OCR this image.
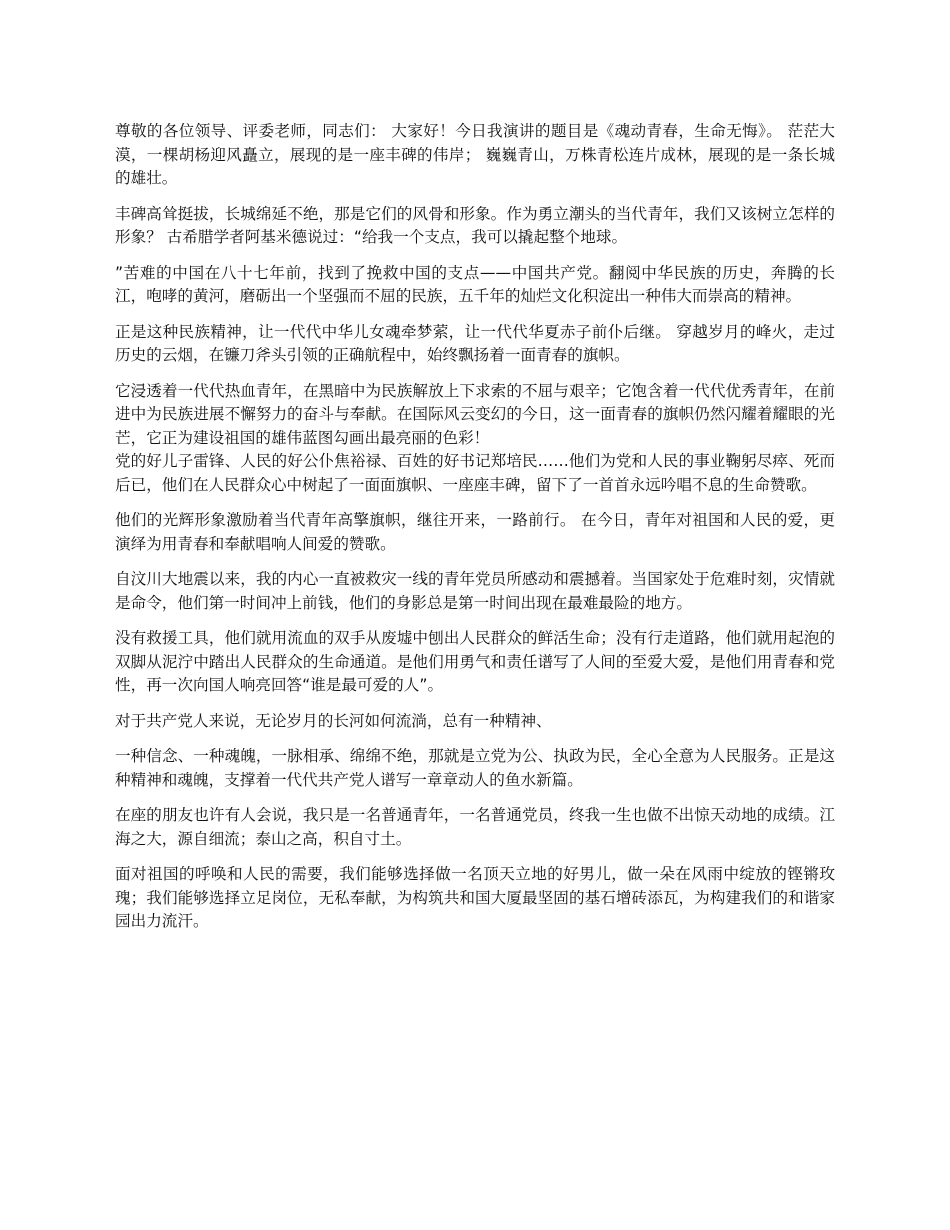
尊敬的各位领导、评委老师，同志们： 大家好！今日我演讲的题目是《魂动青春，生命无悔》。 茫茫大漠，一棵胡杨迎风矗立，展现的是一座丰碑的伟岸； 巍巍青山，万株青松连片成林，展现的是一条长城的雄壮。

丰碑高耸挺拔，长城绵延不绝，那是它们的风骨和形象。作为勇立潮头的当代青年，我们又该树立怎样的形象？ 古希腊学者阿基米德说过：“给我一个支点，我可以撬起整个地球。

”苦难的中国在八十七年前，找到了挽救中国的支点——中国共产党。翻阅中华民族的历史，奔腾的长江，咆哮的黄河，磨砺出一个坚强而不屈的民族，五千年的灿烂文化积淀出一种伟大而崇高的精神。

正是这种民族精神，让一代代中华儿女魂牵梦萦，让一代代华夏赤子前仆后继。 穿越岁月的峰火，走过历史的云烟，在镰刀斧头引领的正确航程中，始终飘扬着一面青春的旗帜。

它浸透着一代代热血青年，在黑暗中为民族解放上下求索的不屈与艰辛；它饱含着一代代优秀青年，在前进中为民族进展不懈努力的奋斗与奉献。在国际风云变幻的今日，这一面青春的旗帜仍然闪耀着耀眼的光芒，它正为建设祖国的雄伟蓝图勾画出最亮丽的色彩！

党的好儿子雷锋、人民的好公仆焦裕禄、百姓的好书记郑培民……他们为党和人民的事业鞠躬尽瘁、死而后已，他们在人民群众心中树起了一面面旗帜、一座座丰碑，留下了一首首永远吟唱不息的生命赞歌。

他们的光辉形象激励着当代青年高擎旗帜，继往开来，一路前行。 在今日，青年对祖国和人民的爱，更演绎为用青春和奉献唱响人间爱的赞歌。

自汶川大地震以来，我的内心一直被救灾一线的青年党员所感动和震撼着。当国家处于危难时刻，灾情就是命令，他们第一时间冲上前钱，他们的身影总是第一时间出现在最难最险的地方。

没有救援工具，他们就用流血的双手从废墟中刨出人民群众的鲜活生命；没有行走道路，他们就用起泡的双脚从泥泞中踏出人民群众的生命通道。是他们用勇气和责任谱写了人间的至爱大爱，是他们用青春和党性，再一次向国人响亮回答“谁是最可爱的人”。

对于共产党人来说，无论岁月的长河如何流淌，总有一种精神、

一种信念、一种魂魄，一脉相承、绵绵不绝，那就是立党为公、执政为民，全心全意为人民服务。正是这种精神和魂魄，支撑着一代代共产党人谱写一章章动人的鱼水新篇。

在座的朋友也许有人会说，我只是一名普通青年，一名普通党员，终我一生也做不出惊天动地的成绩。江海之大，源自细流；泰山之高，积自寸土。

面对祖国的呼唤和人民的需要，我们能够选择做一名顶天立地的好男儿，做一朵在风雨中绽放的铿锵玫瑰；我们能够选择立足岗位，无私奉献，为构筑共和国大厦最坚固的基石增砖添瓦，为构建我们的和谐家园出力流汗。
